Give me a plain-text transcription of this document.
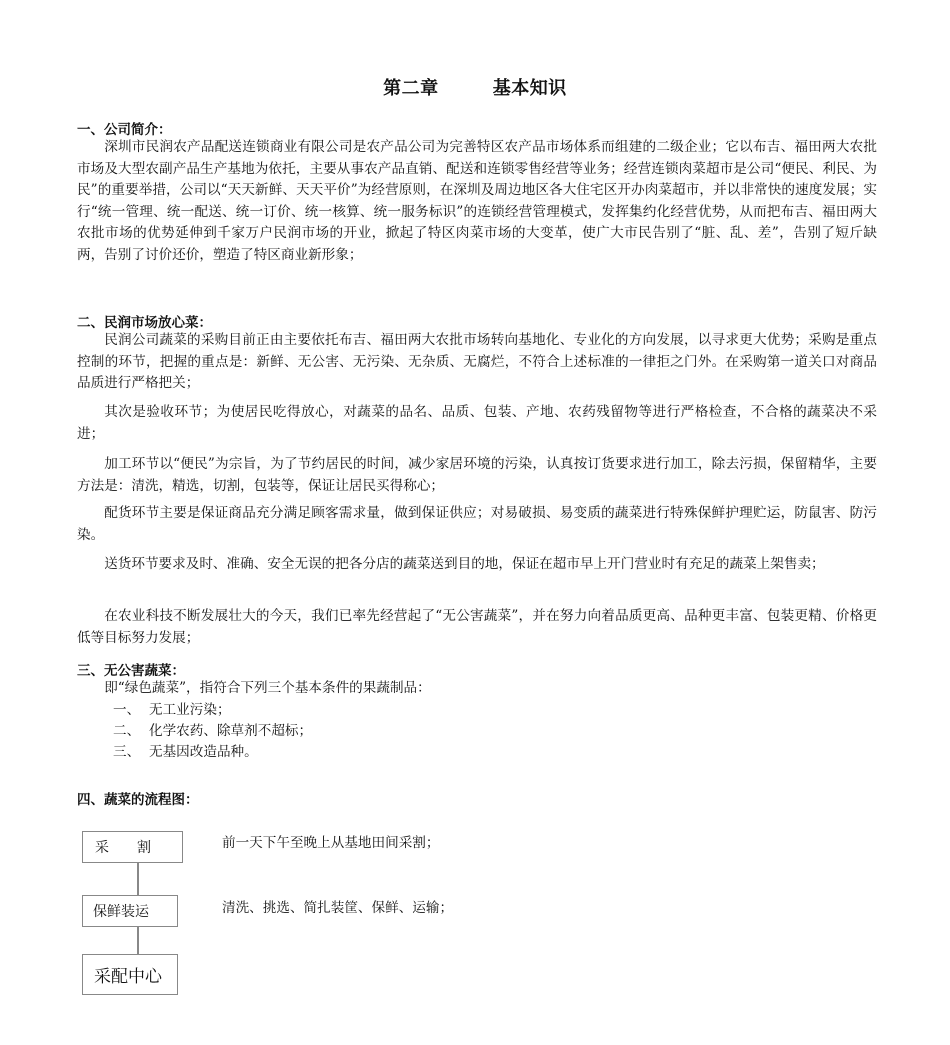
第二章        基本知识
一、公司简介：
深圳市民润农产品配送连锁商业有限公司是农产品公司为完善特区农产品市场体系而组建的二级企业；它以布吉、福田两大农批市场及大型农副产品生产基地为依托，主要从事农产品直销、配送和连锁零售经营等业务；经营连锁肉菜超市是公司“便民、利民、为民”的重要举措，公司以“天天新鲜、天天平价”为经营原则，在深圳及周边地区各大住宅区开办肉菜超市，并以非常快的速度发展；实行“统一管理、统一配送、统一订价、统一核算、统一服务标识”的连锁经营管理模式，发挥集约化经营优势，从而把布吉、福田两大农批市场的优势延伸到千家万户民润市场的开业，掀起了特区肉菜市场的大变革，使广大市民告别了“脏、乱、差”，告别了短斤缺两，告别了讨价还价，塑造了特区商业新形象；
二、民润市场放心菜：
民润公司蔬菜的采购目前正由主要依托布吉、福田两大农批市场转向基地化、专业化的方向发展，以寻求更大优势；采购是重点控制的环节，把握的重点是：新鲜、无公害、无污染、无杂质、无腐烂，不符合上述标准的一律拒之门外。在采购第一道关口对商品品质进行严格把关；
其次是验收环节；为使居民吃得放心，对蔬菜的品名、品质、包装、产地、农药残留物等进行严格检查，不合格的蔬菜决不采进；
加工环节以“便民”为宗旨，为了节约居民的时间，减少家居环境的污染，认真按订货要求进行加工，除去污损，保留精华，主要方法是：清洗，精选，切割，包装等，保证让居民买得称心；
配货环节主要是保证商品充分满足顾客需求量，做到保证供应；对易破损、易变质的蔬菜进行特殊保鲜护理贮运，防鼠害、防污染。
送货环节要求及时、准确、安全无误的把各分店的蔬菜送到目的地，保证在超市早上开门营业时有充足的蔬菜上架售卖；
在农业科技不断发展壮大的今天，我们已率先经营起了“无公害蔬菜”，并在努力向着品质更高、品种更丰富、包装更精、价格更低等目标努力发展；
三、无公害蔬菜：
即“绿色蔬菜”，指符合下列三个基本条件的果蔬制品：
一、 无工业污染；
二、 化学农药、除草剂不超标；
三、 无基因改造品种。
四、蔬菜的流程图：
采　　割	前一天下午至晚上从基地田间采割；
保鲜装运	清洗、挑选、简扎装筐、保鲜、运输；
采配中心
